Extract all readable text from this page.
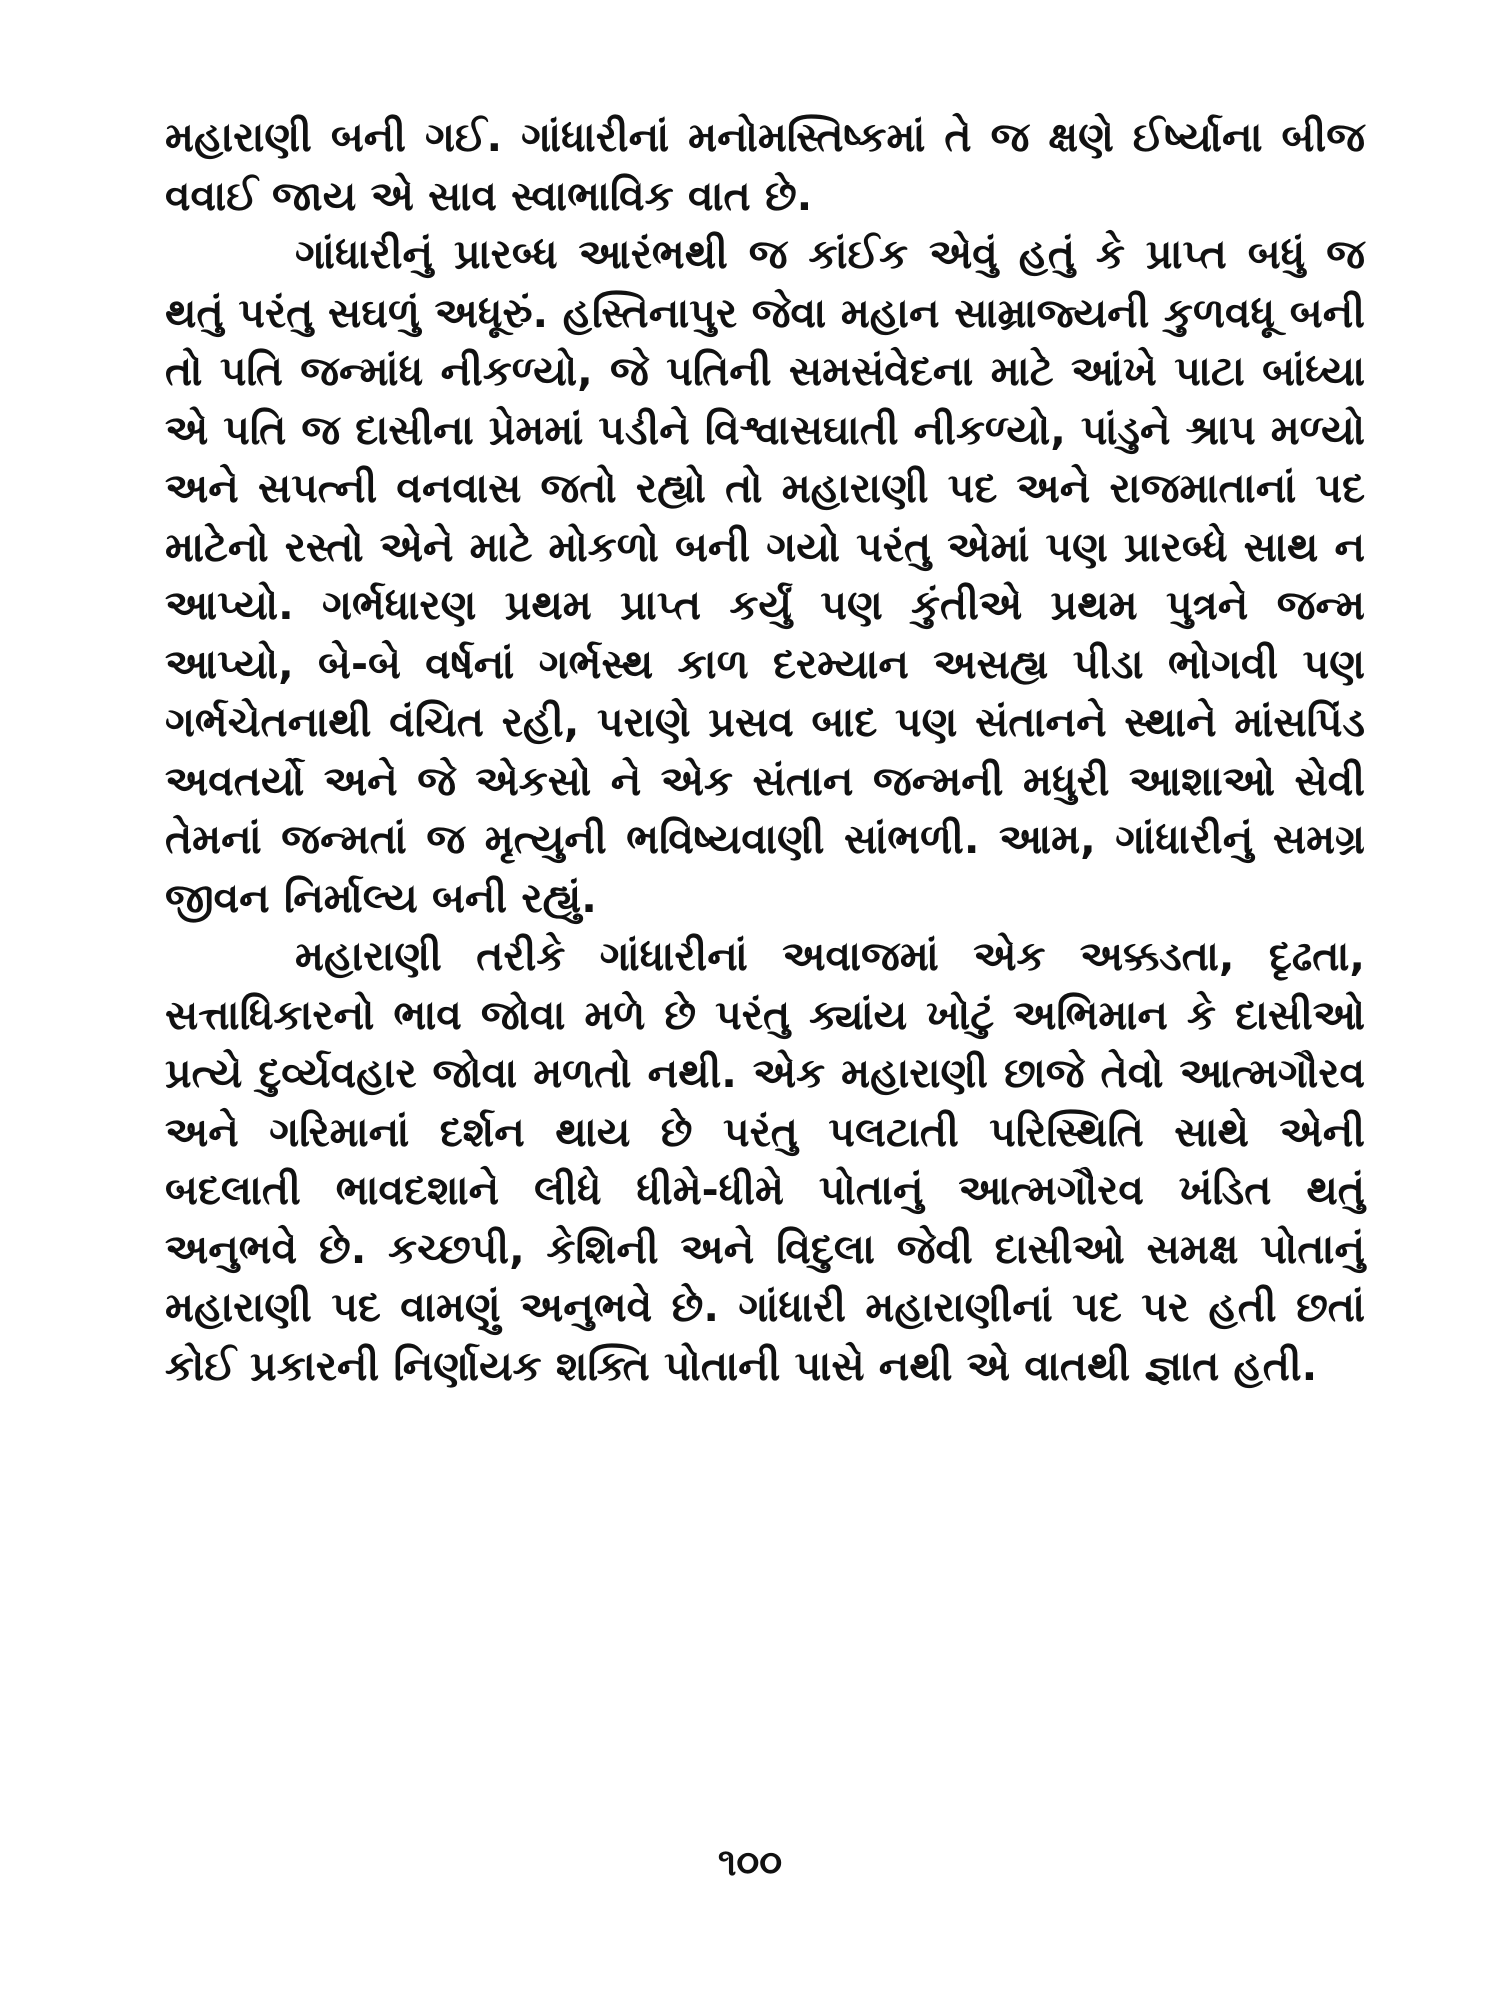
મહારાણી બની ગઈ. ગાંધારીનાં મનોમસ્તિષ્કમાં તે જ ક્ષણે ઈર્ષ્યાના બીજ વવાઈ જાય એ સાવ સ્વાભાવિક વાત છે.

ગાંધારીનું પ્રારબ્ધ આરંભથી જ કાંઈક એવું હતું કે પ્રાપ્ત બધું જ થતું પરંતુ સઘળું અધૂરું. હસ્તિનાપુર જેવા મહાન સામ્રાજ્યની કુળવધૂ બની તો પતિ જન્માંધ નીકળ્યો, જે પતિની સમસંવેદના માટે આંખે પાટા બાંધ્યા એ પતિ જ દાસીના પ્રેમમાં પડીને વિશ્વાસઘાતી નીકળ્યો, પાંડુને શ્રાપ મળ્યો અને સપત્ની વનવાસ જતો રહ્યો તો મહારાણી પદ અને રાજમાતાનાં પદ માટેનો રસ્તો એને માટે મોકળો બની ગયો પરંતુ એમાં પણ પ્રારબ્ધે સાથ ન આપ્યો. ગર્ભધારણ પ્રથમ પ્રાપ્ત કર્યું પણ કુંતીએ પ્રથમ પુત્રને જન્મ આપ્યો, બે-બે વર્ષનાં ગર્ભસ્થ કાળ દરમ્યાન અસહ્ય પીડા ભોગવી પણ ગર્ભચેતનાથી વંચિત રહી, પરાણે પ્રસવ બાદ પણ સંતાનને સ્થાને માંસપિંડ અવતર્યો અને જે એકસો ને એક સંતાન જન્મની મધુરી આશાઓ સેવી તેમનાં જન્મતાં જ મૃત્યુની ભવિષ્યવાણી સાંભળી. આમ, ગાંધારીનું સમગ્ર જીવન નિર્માલ્ય બની રહ્યું.

મહારાણી તરીકે ગાંધારીનાં અવાજમાં એક અક્કડતા, દૃઢતા, સત્તાધિકારનો ભાવ જોવા મળે છે પરંતુ ક્યાંય ખોટું અભિમાન કે દાસીઓ પ્રત્યે દુર્વ્યવહાર જોવા મળતો નથી. એક મહારાણી છાજે તેવો આત્મગૌરવ અને ગરિમાનાં દર્શન થાય છે પરંતુ પલટાતી પરિસ્થિતિ સાથે એની બદલાતી ભાવદશાને લીધે ધીમે-ધીમે પોતાનું આત્મગૌરવ ખંડિત થતું અનુભવે છે. કચ્છપી, કેશિની અને વિદુલા જેવી દાસીઓ સમક્ષ પોતાનું મહારાણી પદ વામણું અનુભવે છે. ગાંધારી મહારાણીનાં પદ પર હતી છતાં કોઈ પ્રકારની નિર્ણાયક શક્તિ પોતાની પાસે નથી એ વાતથી જ્ઞાત હતી.

૧૦૦
